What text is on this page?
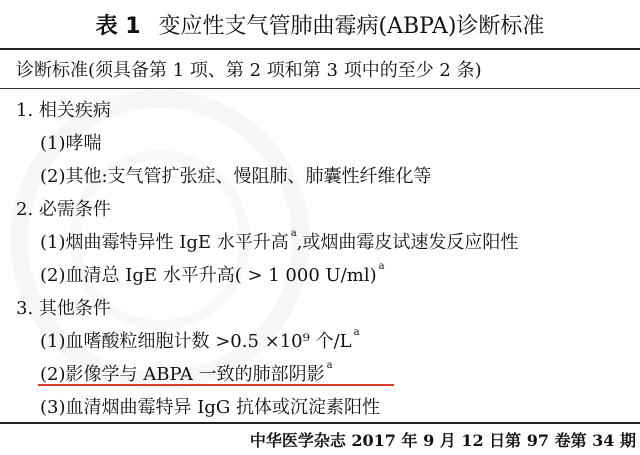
表 1 变应性支气管肺曲霉病(ABPA)诊断标准
诊断标准(须具备第 1 项、第 2 项和第 3 项中的至少 2 条)
1. 相关疾病
(1)哮喘
(2)其他:支气管扩张症、慢阻肺、肺囊性纤维化等
2. 必需条件
(1)烟曲霉特异性 IgE 水平升高$^a$ ,或烟曲霉皮试速发反应阳性
(2)血清总 IgE 水平升高( > 1 000 U/ml)$^a$
3. 其他条件
(1)血嗜酸粒细胞计数 >0.5 ×10⁹ 个$/L^a$
(2)影像学与 ABPA 一致的肺部阴影$^a$
(3)血清烟曲霉特异 IgG 抗体或沉淀素阳性
中华医学杂志 2017 年 9 月 12 日第 97 卷第 34 期
